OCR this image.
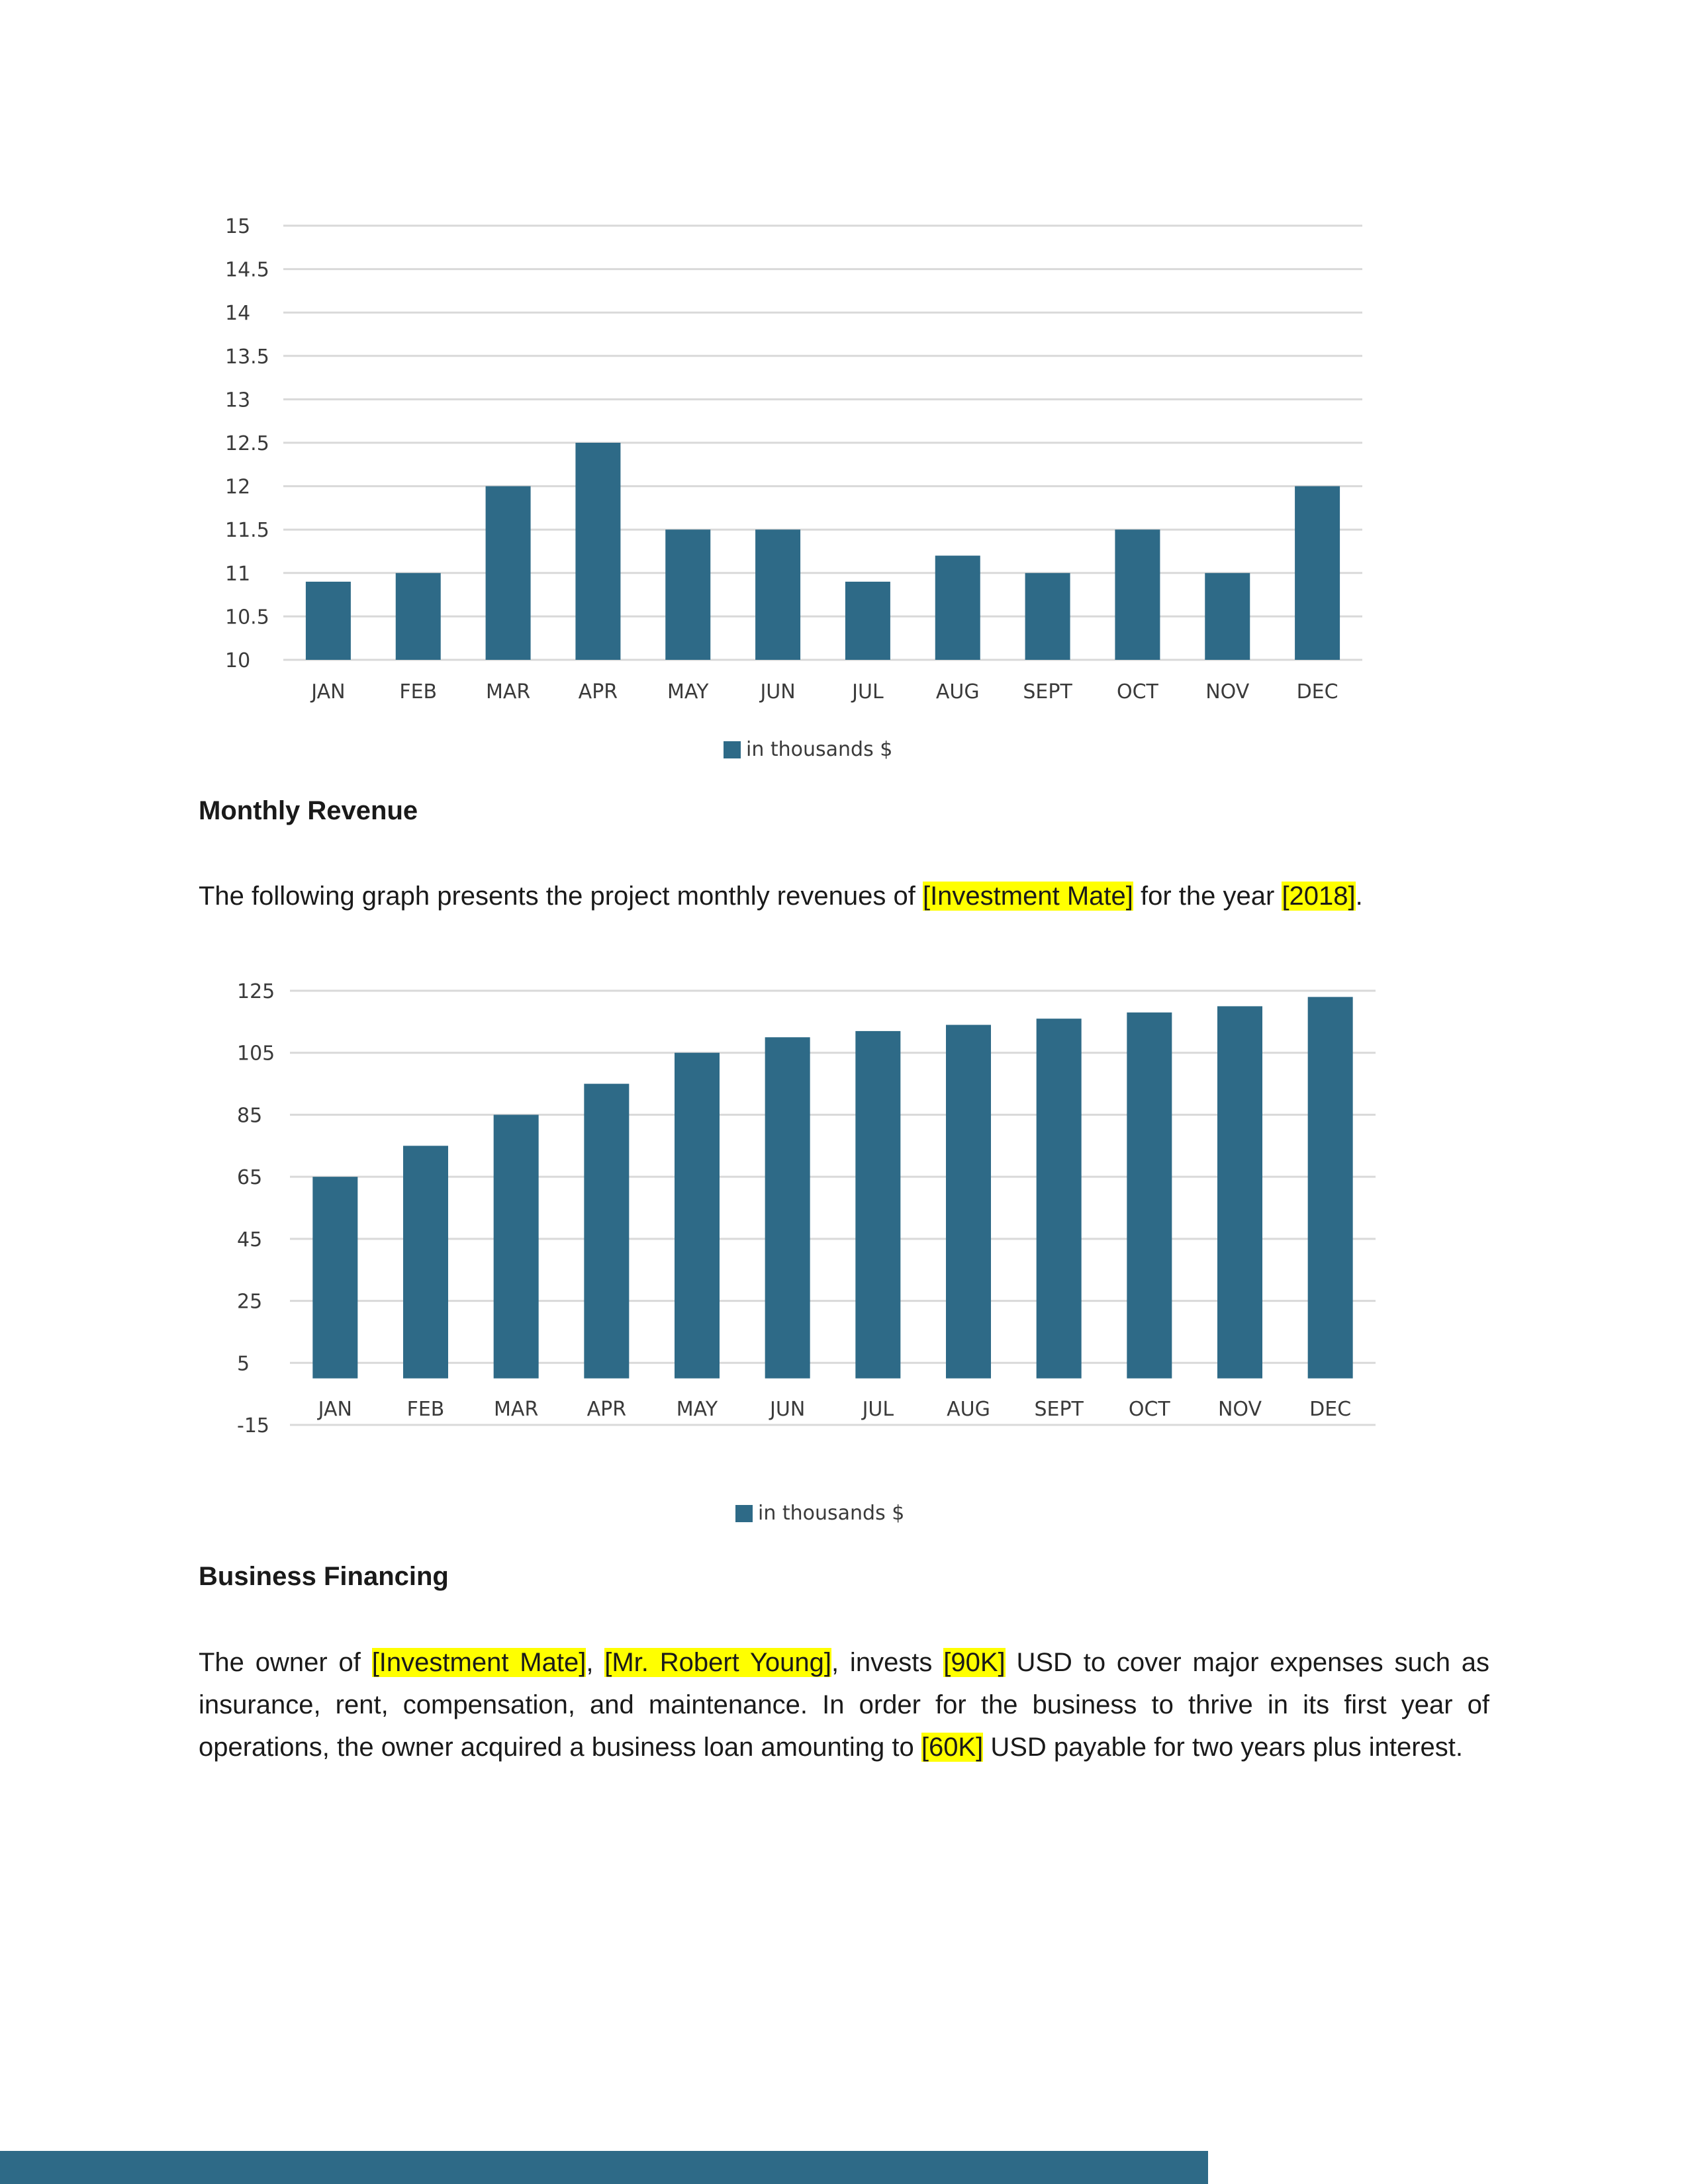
10
10.5
11
11.5
12
12.5
13
13.5
14
14.5
15
JAN	FEB MAR APR MAY	JUN	JUL	AUG SEPT OCT NOV DEC
in thousands $
Monthly Revenue

The following graph presents the project monthly revenues of [Investment Mate] for the year [2018].

-15
5
25
45
65
85
105
125
JAN	FEB MAR APR	MAY	JUN	JUL	AUG SEPT OCT NOV DEC
in thousands $
Business Financing

The owner of [Investment Mate], [Mr. Robert Young], invests [90K] USD to cover major expenses such as insurance, rent, compensation, and maintenance. In order for the business to thrive in its first year of operations, the owner acquired a business loan amounting to [60K] USD payable for two years plus interest.
